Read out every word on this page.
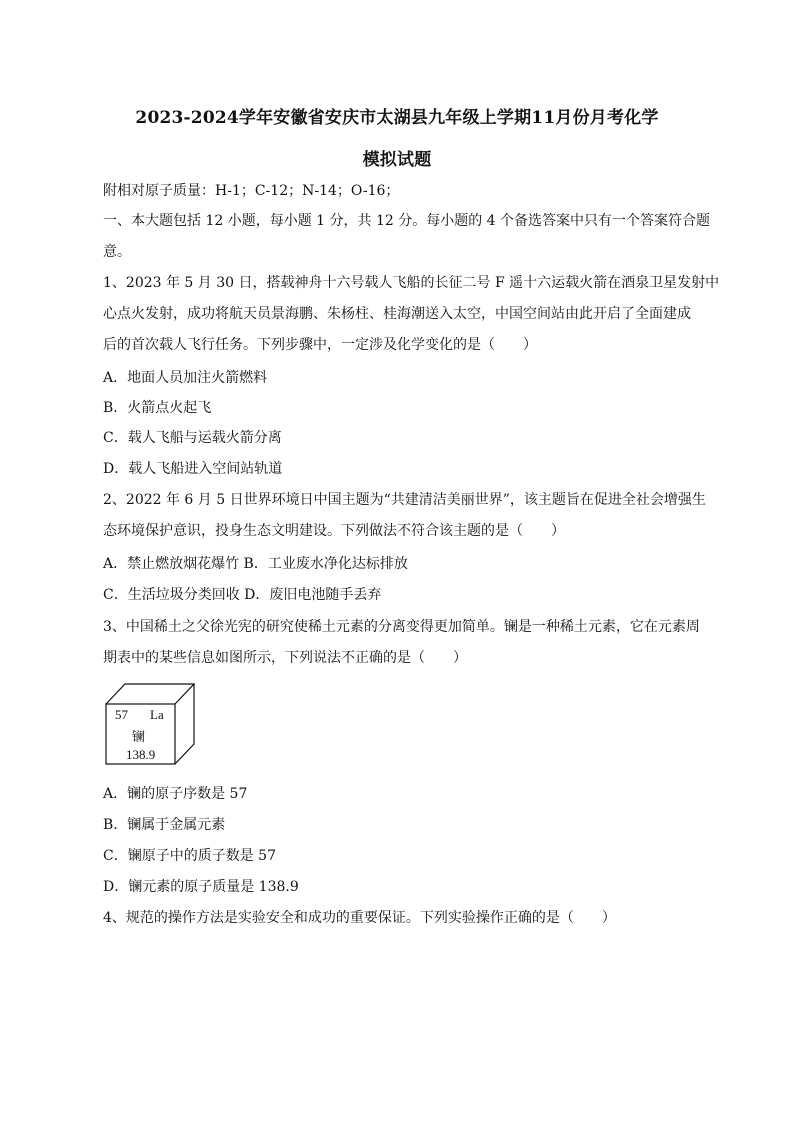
2023-2024学年安徽省安庆市太湖县九年级上学期11月份月考化学
模拟试题
附相对原子质量：H-1；C-12；N-14；O-16；
一、本大题包括 12 小题，每小题 1 分，共 12 分。每小题的 4 个备选答案中只有一个答案符合题
意。
1、2023 年 5 月 30 日，搭载神舟十六号载人飞船的长征二号 F 遥十六运载火箭在酒泉卫星发射中
心点火发射，成功将航天员景海鹏、朱杨柱、桂海潮送入太空，中国空间站由此开启了全面建成
后的首次载人飞行任务。下列步骤中，一定涉及化学变化的是（　　）
A．地面人员加注火箭燃料
B．火箭点火起飞
C．载人飞船与运载火箭分离
D．载人飞船进入空间站轨道
2、2022 年 6 月 5 日世界环境日中国主题为“共建清洁美丽世界”，该主题旨在促进全社会增强生
态环境保护意识，投身生态文明建设。下列做法不符合该主题的是（　　）
A．禁止燃放烟花爆竹 B．工业废水净化达标排放
C．生活垃圾分类回收 D．废旧电池随手丢弃
3、中国稀土之父徐光宪的研究使稀土元素的分离变得更加简单。镧是一种稀土元素，它在元素周
期表中的某些信息如图所示，下列说法不正确的是（　　）
57 La
镧
138.9
A．镧的原子序数是 57
B．镧属于金属元素
C．镧原子中的质子数是 57
D．镧元素的原子质量是 138.9
4、规范的操作方法是实验安全和成功的重要保证。下列实验操作正确的是（　　）
